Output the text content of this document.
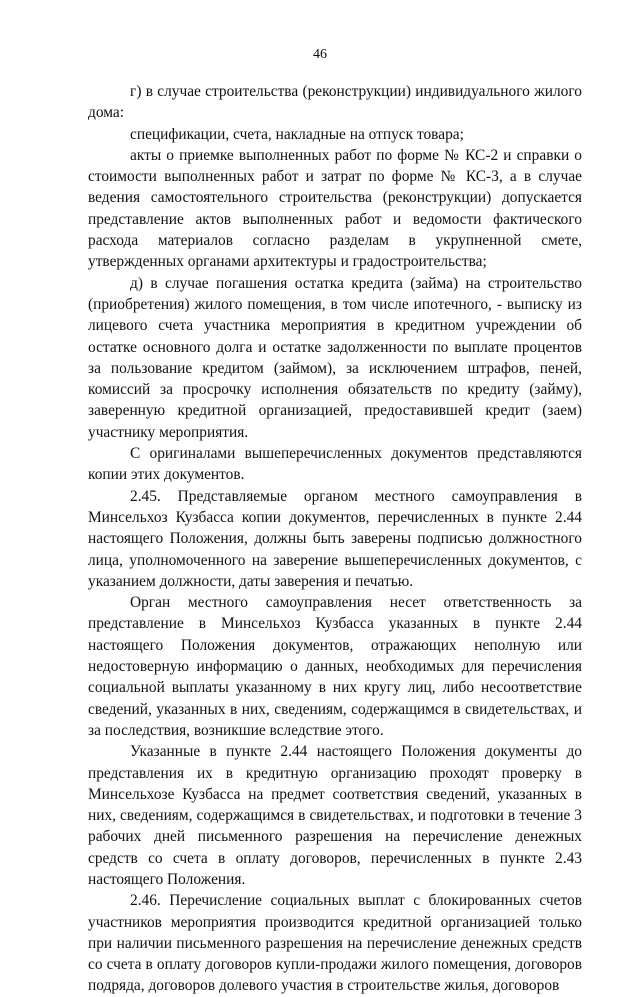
46

г) в случае строительства (реконструкции) индивидуального жилого дома:

спецификации, счета, накладные на отпуск товара;

акты о приемке выполненных работ по форме № КС-2 и справки о стоимости выполненных работ и затрат по форме № КС-3, а в случае ведения самостоятельного строительства (реконструкции) допускается представление актов выполненных работ и ведомости фактического расхода материалов согласно разделам в укрупненной смете, утвержденных органами архитектуры и градостроительства;

д) в случае погашения остатка кредита (займа) на строительство (приобретения) жилого помещения, в том числе ипотечного, - выписку из лицевого счета участника мероприятия в кредитном учреждении об остатке основного долга и остатке задолженности по выплате процентов за пользование кредитом (займом), за исключением штрафов, пеней, комиссий за просрочку исполнения обязательств по кредиту (займу), заверенную кредитной организацией, предоставившей кредит (заем) участнику мероприятия.

С оригиналами вышеперечисленных документов представляются копии этих документов.

2.45. Представляемые органом местного самоуправления в Минсельхоз Кузбасса копии документов, перечисленных в пункте 2.44 настоящего Положения, должны быть заверены подписью должностного лица, уполномоченного на заверение вышеперечисленных документов, с указанием должности, даты заверения и печатью.

Орган местного самоуправления несет ответственность за представление в Минсельхоз Кузбасса указанных в пункте 2.44 настоящего Положения документов, отражающих неполную или недостоверную информацию о данных, необходимых для перечисления социальной выплаты указанному в них кругу лиц, либо несоответствие сведений, указанных в них, сведениям, содержащимся в свидетельствах, и за последствия, возникшие вследствие этого.

Указанные в пункте 2.44 настоящего Положения документы до представления их в кредитную организацию проходят проверку в Минсельхозе Кузбасса на предмет соответствия сведений, указанных в них, сведениям, содержащимся в свидетельствах, и подготовки в течение 3 рабочих дней письменного разрешения на перечисление денежных средств со счета в оплату договоров, перечисленных в пункте 2.43 настоящего Положения.

2.46. Перечисление социальных выплат с блокированных счетов участников мероприятия производится кредитной организацией только при наличии письменного разрешения на перечисление денежных средств со счета в оплату договоров купли-продажи жилого помещения, договоров подряда, договоров долевого участия в строительстве жилья, договоров
